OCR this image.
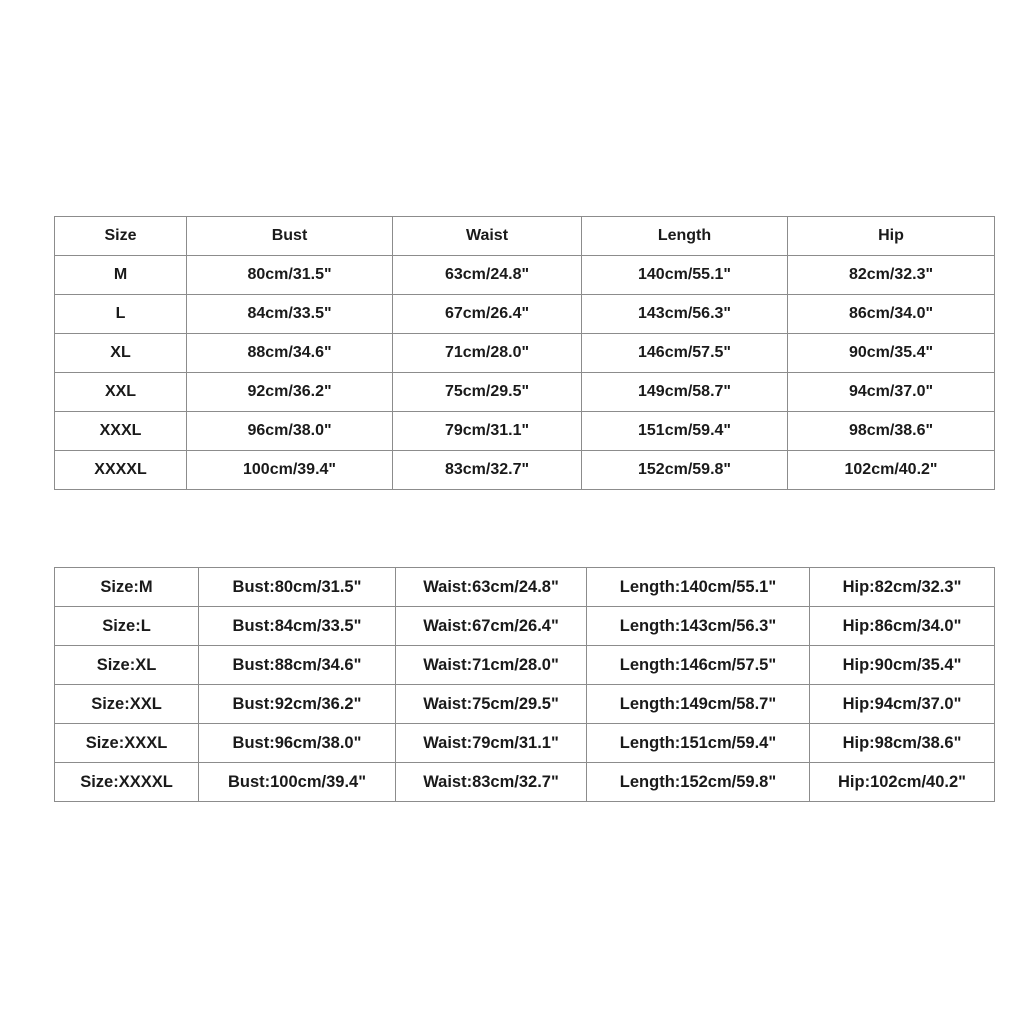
Size	Bust	Waist	Length	Hip
M	80cm/31.5"	63cm/24.8"	140cm/55.1"	82cm/32.3"
L	84cm/33.5"	67cm/26.4"	143cm/56.3"	86cm/34.0"
XL	88cm/34.6"	71cm/28.0"	146cm/57.5"	90cm/35.4"
XXL	92cm/36.2"	75cm/29.5"	149cm/58.7"	94cm/37.0"
XXXL	96cm/38.0"	79cm/31.1"	151cm/59.4"	98cm/38.6"
XXXXL	100cm/39.4"	83cm/32.7"	152cm/59.8"	102cm/40.2"
Size:M	Bust:80cm/31.5"	Waist:63cm/24.8"	Length:140cm/55.1"	Hip:82cm/32.3"
Size:L	Bust:84cm/33.5"	Waist:67cm/26.4"	Length:143cm/56.3"	Hip:86cm/34.0"
Size:XL	Bust:88cm/34.6"	Waist:71cm/28.0"	Length:146cm/57.5"	Hip:90cm/35.4"
Size:XXL	Bust:92cm/36.2"	Waist:75cm/29.5"	Length:149cm/58.7"	Hip:94cm/37.0"
Size:XXXL	Bust:96cm/38.0"	Waist:79cm/31.1"	Length:151cm/59.4"	Hip:98cm/38.6"
Size:XXXXL	Bust:100cm/39.4"	Waist:83cm/32.7"	Length:152cm/59.8"	Hip:102cm/40.2"
